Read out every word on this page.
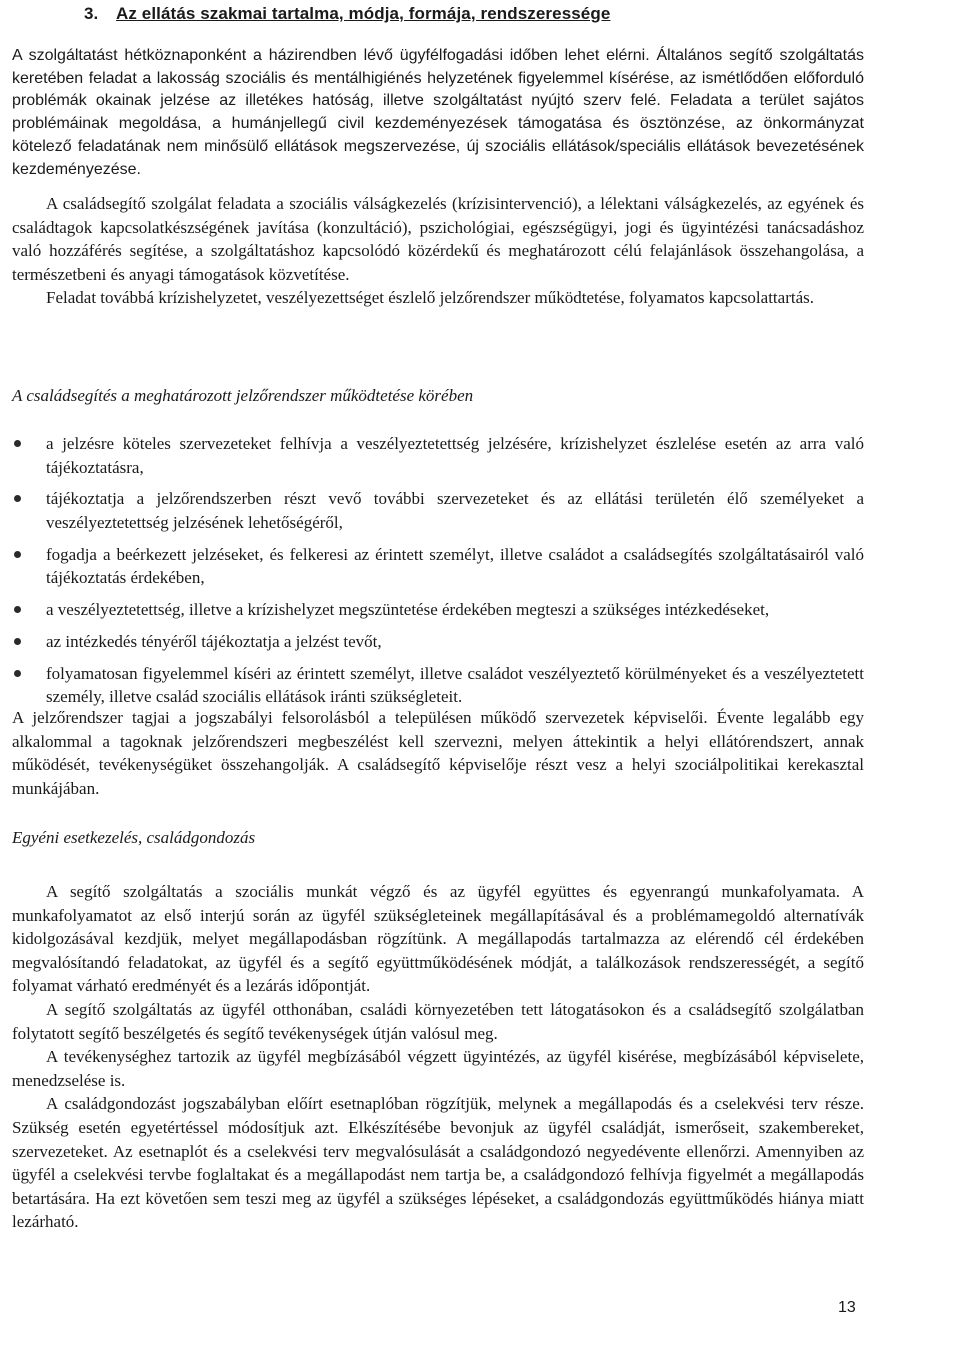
3. Az ellátás szakmai tartalma, módja, formája, rendszeressége

A szolgáltatást hétköznaponként a házirendben lévő ügyfélfogadási időben lehet elérni. Általános segítő szolgáltatás keretében feladat a lakosság szociális és mentálhigiénés helyzetének figyelemmel kísérése, az ismétlődően előforduló problémák okainak jelzése az illetékes hatóság, illetve szolgáltatást nyújtó szerv felé. Feladata a terület sajátos problémáinak megoldása, a humánjellegű civil kezdeményezések támogatása és ösztönzése, az önkormányzat kötelező feladatának nem minősülő ellátások megszervezése, új szociális ellátások/speciális ellátások bevezetésének kezdeményezése.

A családsegítő szolgálat feladata a szociális válságkezelés (krízisintervenció), a lélektani válságkezelés, az egyének és családtagok kapcsolatkészségének javítása (konzultáció), pszichológiai, egészségügyi, jogi és ügyintézési tanácsadáshoz való hozzáférés segítése, a szolgáltatáshoz kapcsolódó közérdekű és meghatározott célú felajánlások összehangolása, a természetbeni és anyagi támogatások közvetítése.

Feladat továbbá krízishelyzetet, veszélyezettséget észlelő jelzőrendszer működtetése, folyamatos kapcsolattartás.

A családsegítés a meghatározott jelzőrendszer működtetése körében
a jelzésre köteles szervezeteket felhívja a veszélyeztetettség jelzésére, krízishelyzet észlelése esetén az arra való tájékoztatásra,
tájékoztatja a jelzőrendszerben részt vevő további szervezeteket és az ellátási területén élő személyeket a veszélyeztetettség jelzésének lehetőségéről,
fogadja a beérkezett jelzéseket, és felkeresi az érintett személyt, illetve családot a családsegítés szolgáltatásairól való tájékoztatás érdekében,
a veszélyeztetettség, illetve a krízishelyzet megszüntetése érdekében megteszi a szükséges intézkedéseket,
az intézkedés tényéről tájékoztatja a jelzést tevőt,
folyamatosan figyelemmel kíséri az érintett személyt, illetve családot veszélyeztető körülményeket és a veszélyeztetett személy, illetve család szociális ellátások iránti szükségleteit.

A jelzőrendszer tagjai a jogszabályi felsorolásból a településen működő szervezetek képviselői. Évente legalább egy alkalommal a tagoknak jelzőrendszeri megbeszélést kell szervezni, melyen áttekintik a helyi ellátórendszert, annak működését, tevékenységüket összehangolják. A családsegítő képviselője részt vesz a helyi szociálpolitikai kerekasztal munkájában.

Egyéni esetkezelés, családgondozás

A segítő szolgáltatás a szociális munkát végző és az ügyfél együttes és egyenrangú munkafolyamata. A munkafolyamatot az első interjú során az ügyfél szükségleteinek megállapításával és a problémamegoldó alternatívák kidolgozásával kezdjük, melyet megállapodásban rögzítünk. A megállapodás tartalmazza az elérendő cél érdekében megvalósítandó feladatokat, az ügyfél és a segítő együttműködésének módját, a találkozások rendszerességét, a segítő folyamat várható eredményét és a lezárás időpontját.

A segítő szolgáltatás az ügyfél otthonában, családi környezetében tett látogatásokon és a családsegítő szolgálatban folytatott segítő beszélgetés és segítő tevékenységek útján valósul meg.

A tevékenységhez tartozik az ügyfél megbízásából végzett ügyintézés, az ügyfél kisérése, megbízásából képviselete, menedzselése is.

A családgondozást jogszabályban előírt esetnaplóban rögzítjük, melynek a megállapodás és a cselekvési terv része. Szükség esetén egyetértéssel módosítjuk azt. Elkészítésébe bevonjuk az ügyfél családját, ismerőseit, szakembereket, szervezeteket. Az esetnaplót és a cselekvési terv megvalósulását a családgondozó negyedévente ellenőrzi. Amennyiben az ügyfél a cselekvési tervbe foglaltakat és a megállapodást nem tartja be, a családgondozó felhívja figyelmét a megállapodás betartására. Ha ezt követően sem teszi meg az ügyfél a szükséges lépéseket, a családgondozás együttműködés hiánya miatt lezárható.

13
